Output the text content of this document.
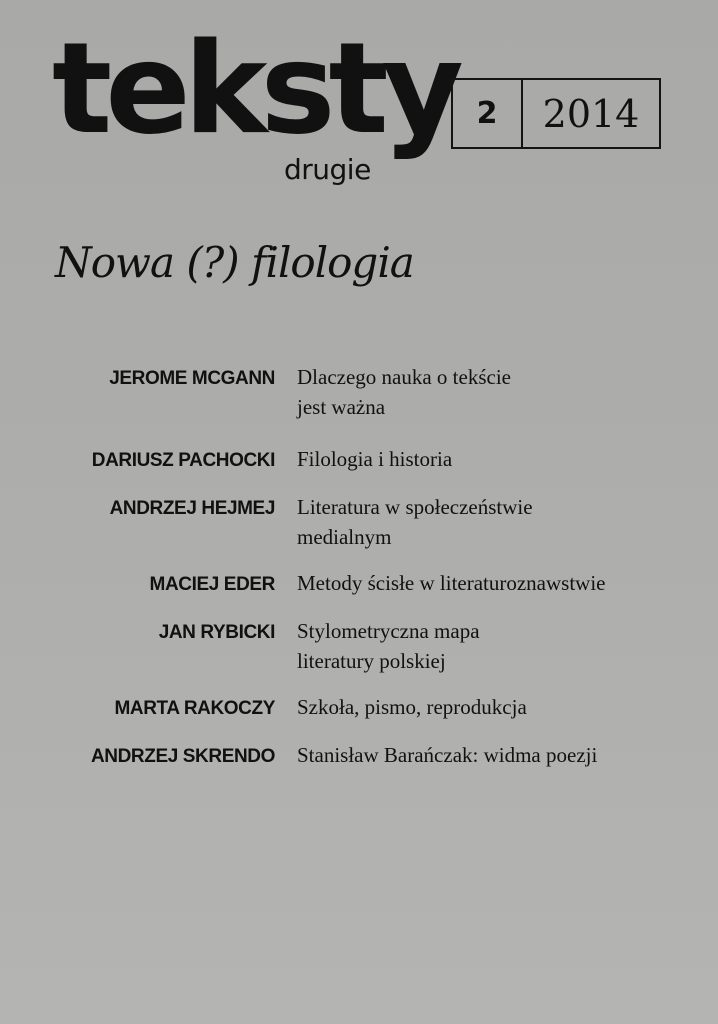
teksty
drugie
2	2014
Nowa (?) filologia
JEROME MCGANN Dlaczego nauka o tekście
jest ważna
DARIUSZ PACHOCKI Filologia i historia
ANDRZEJ HEJMEJ Literatura w społeczeństwie
medialnym
MACIEJ EDER Metody ścisłe w literaturoznawstwie
JAN RYBICKI Stylometryczna mapa
literatury polskiej
MARTA RAKOCZY Szkoła, pismo, reprodukcja
ANDRZEJ SKRENDO Stanisław Barańczak: widma poezji
